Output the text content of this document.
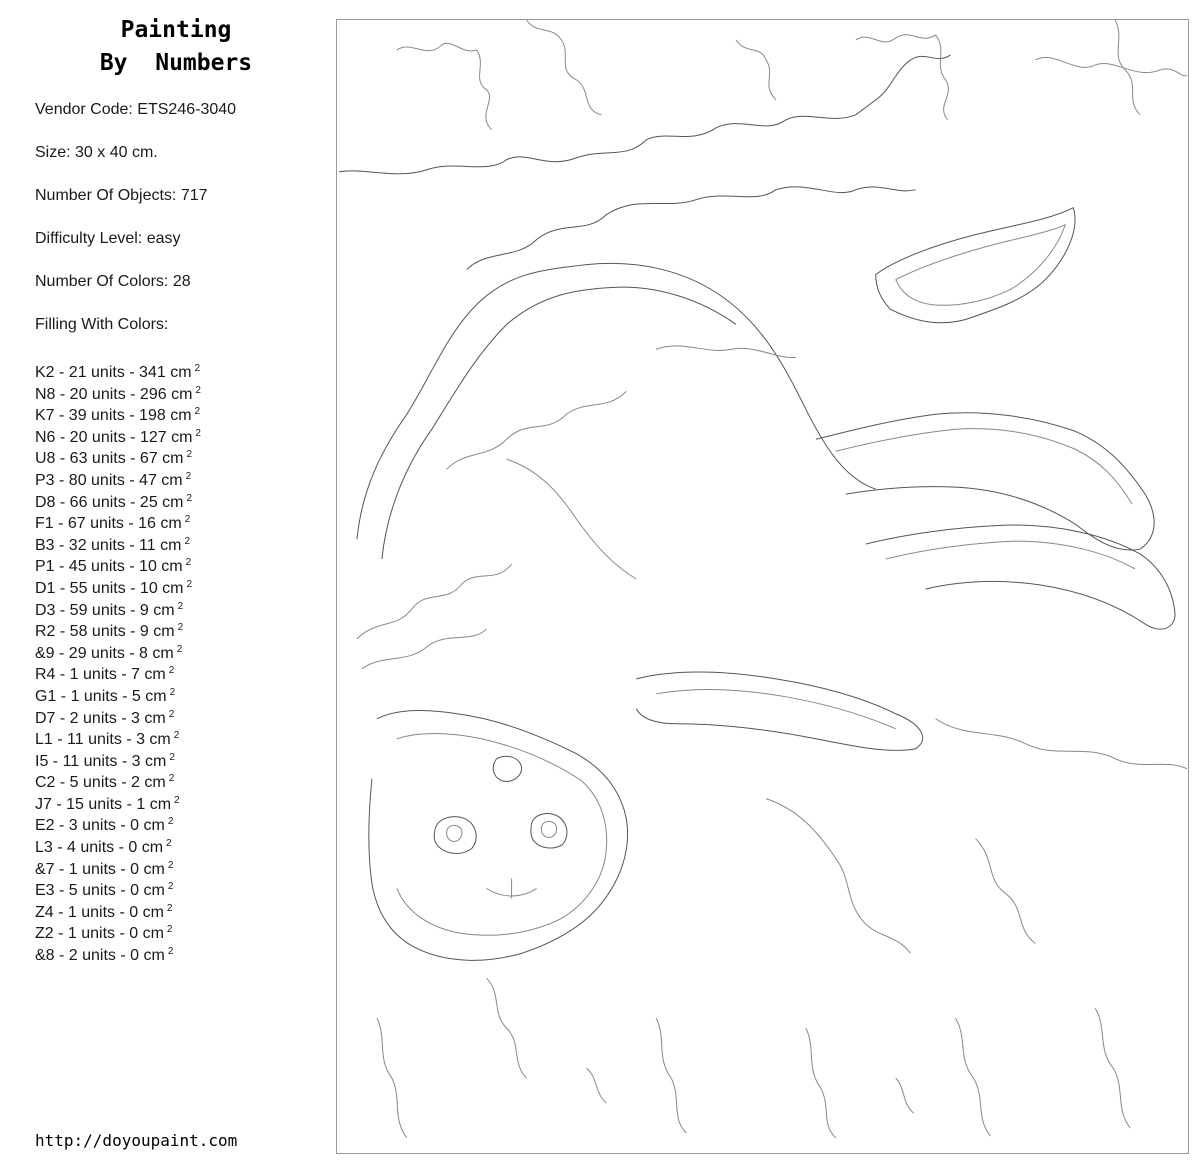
Painting
By  Numbers
Vendor Code: ETS246-3040
Size: 30 x 40 cm.
Number Of Objects: 717
Difficulty Level: easy
Number Of Colors: 28
Filling With Colors:
K2 - 21 units - 341 cm $^2$
N8 - 20 units - 296 cm $^2$
K7 - 39 units - 198 cm $^2$
N6 - 20 units - 127 cm $^2$
U8 - 63 units - 67 cm $^2$
P3 - 80 units - 47 cm $^2$
D8 - 66 units - 25 cm $^2$
F1 - 67 units - 16 cm $^2$
B3 - 32 units - 11 cm $^2$
P1 - 45 units - 10 cm $^2$
D1 - 55 units - 10 cm $^2$
D3 - 59 units - 9 cm $^2$
R2 - 58 units - 9 cm $^2$
&9 - 29 units - 8 cm $^2$
R4 - 1 units - 7 cm $^2$
G1 - 1 units - 5 cm $^2$
D7 - 2 units - 3 cm $^2$
L1 - 11 units - 3 cm $^2$
I5 - 11 units - 3 cm $^2$
C2 - 5 units - 2 cm $^2$
J7 - 15 units - 1 cm $^2$
E2 - 3 units - 0 cm $^2$
L3 - 4 units - 0 cm $^2$
&7 - 1 units - 0 cm $^2$
E3 - 5 units - 0 cm $^2$
Z4 - 1 units - 0 cm $^2$
Z2 - 1 units - 0 cm $^2$
&8 - 2 units - 0 cm $^2$
http://doyoupaint.com
